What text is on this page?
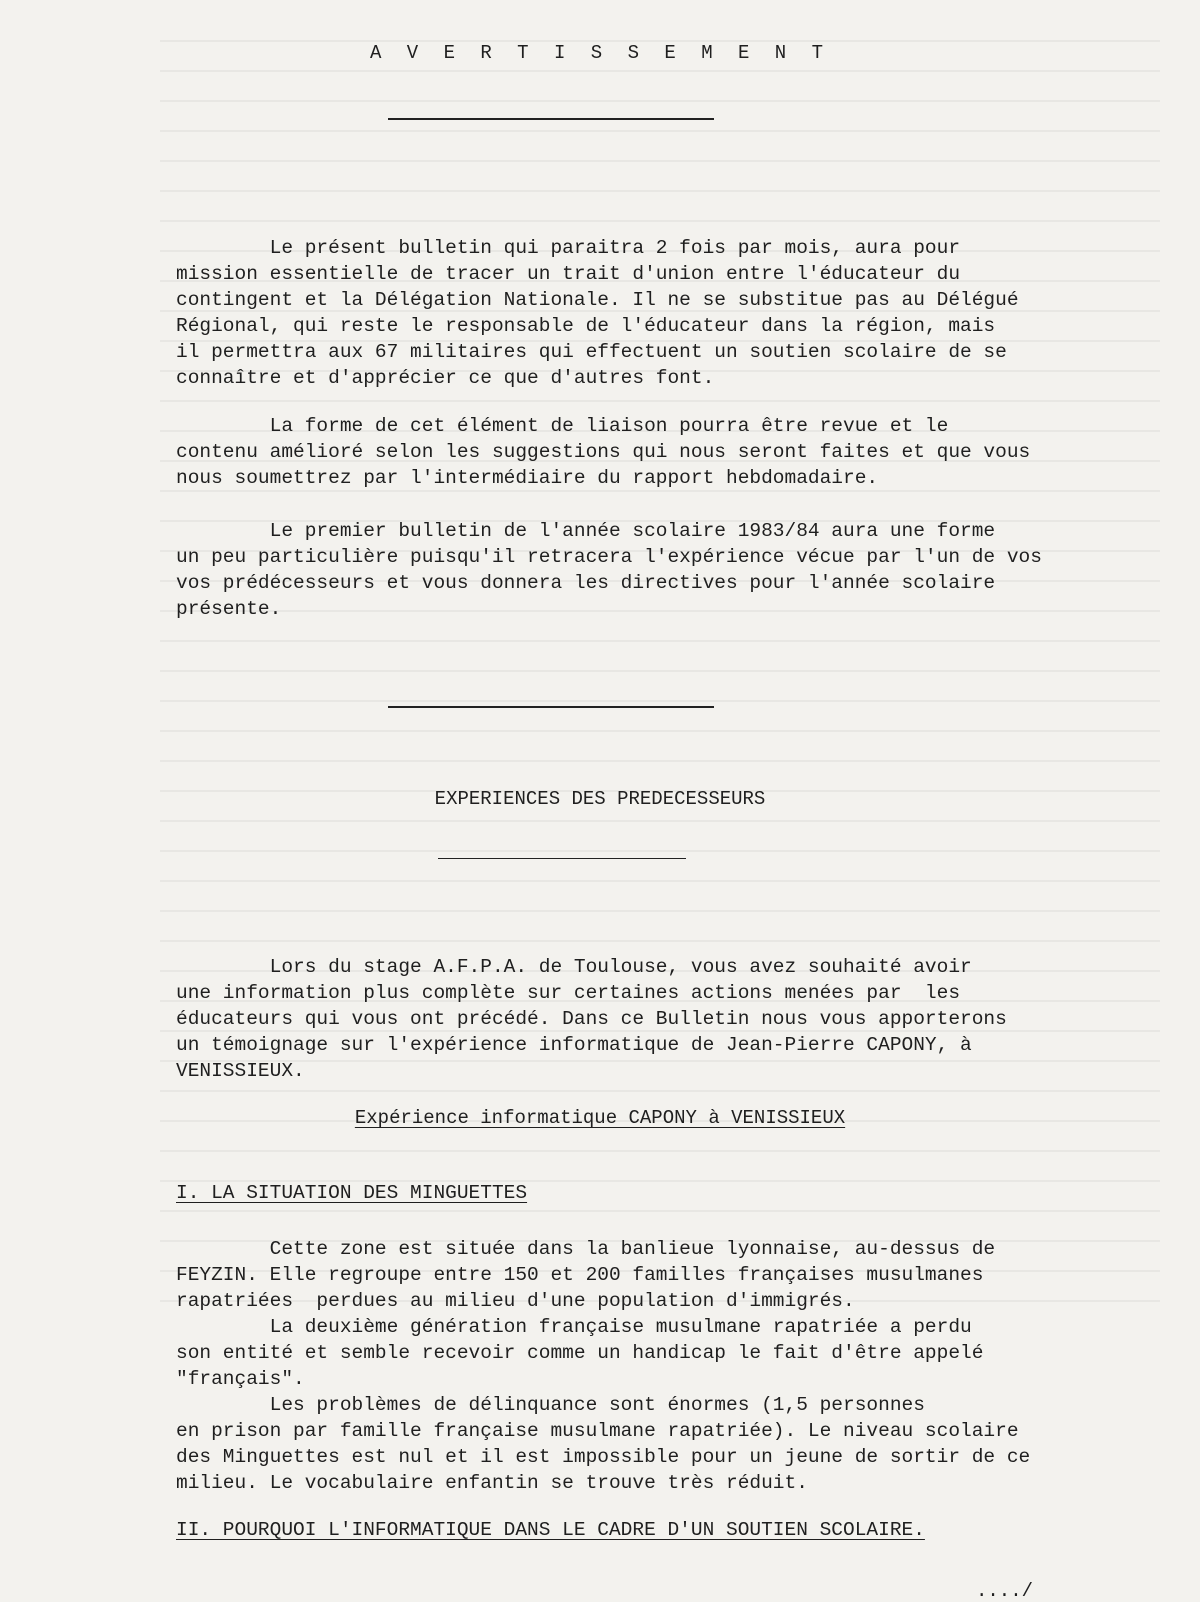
A V E R T I S S E M E N T

Le présent bulletin qui paraitra 2 fois par mois, aura pour
mission essentielle de tracer un trait d'union entre l'éducateur du
contingent et la Délégation Nationale. Il ne se substitue pas au Délégué
Régional, qui reste le responsable de l'éducateur dans la région, mais
il permettra aux 67 militaires qui effectuent un soutien scolaire de se
connaître et d'apprécier ce que d'autres font.

La forme de cet élément de liaison pourra être revue et le
contenu amélioré selon les suggestions qui nous seront faites et que vous
nous soumettrez par l'intermédiaire du rapport hebdomadaire.

Le premier bulletin de l'année scolaire 1983/84 aura une forme
un peu particulière puisqu'il retracera l'expérience vécue par l'un de vos
vos prédécesseurs et vous donnera les directives pour l'année scolaire
présente.

EXPERIENCES DES PREDECESSEURS

Lors du stage A.F.P.A. de Toulouse, vous avez souhaité avoir
une information plus complète sur certaines actions menées par  les
éducateurs qui vous ont précédé. Dans ce Bulletin nous vous apporterons
un témoignage sur l'expérience informatique de Jean-Pierre CAPONY, à
VENISSIEUX.

Expérience informatique CAPONY à VENISSIEUX
I. LA SITUATION DES MINGUETTES

Cette zone est située dans la banlieue lyonnaise, au-dessus de
FEYZIN. Elle regroupe entre 150 et 200 familles françaises musulmanes
rapatriées  perdues au milieu d'une population d'immigrés.

La deuxième génération française musulmane rapatriée a perdu
son entité et semble recevoir comme un handicap le fait d'être appelé
"français".

Les problèmes de délinquance sont énormes (1,5 personnes
en prison par famille française musulmane rapatriée). Le niveau scolaire
des Minguettes est nul et il est impossible pour un jeune de sortir de ce
milieu. Le vocabulaire enfantin se trouve très réduit.

II. POURQUOI L'INFORMATIQUE DANS LE CADRE D'UN SOUTIEN SCOLAIRE.
..../
